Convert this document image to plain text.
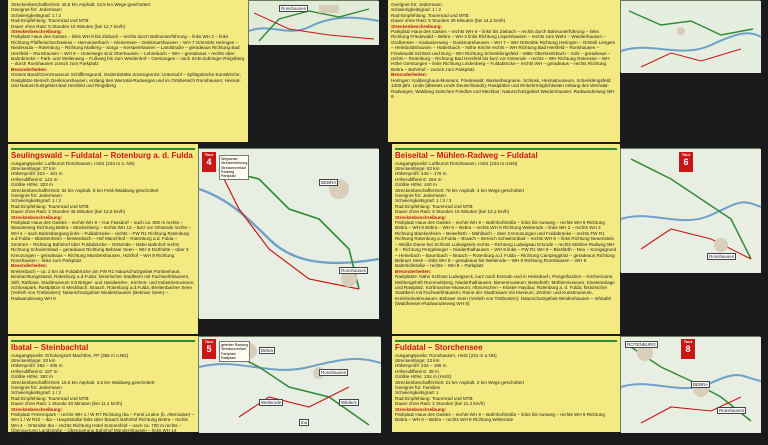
Streckenbeschaffenheit: 40,5 km Asphalt, 13,5 km Wege geschottert

Geeignet für: Jedermann

Schwierigkeitsgrad: 1 / 2

Rad-Empfehlung: Tourenrad und MTB

Dauer ohne Rast: 5 Stunden 15 Minuten (bei 12,7 km/h)

Streckenbeschreibung:

Parkplatz Haus des Gastes – links WH 9 bis Ziebach – rechts durch Bahnunterführung – links WH 2 – links Richtung Pfaffenschachtwiese – Hernanserbach – Kleinensee – Dankmarshausen – WH 7 Ortsmitte Heringen – Niederaula – Rotenburg – Richtung Malberg – Sorga – Kerspenhausen – Landstraße – geradeaus Richtung Bad Hersfeld – Ronshausen – WH 9 – Unterwegs sind Oberhausen – Lehnebach – WH – geradeaus – rechts über Bahnbrücke – Park- und Weilenweg – Fußweg bis zum Weidenhof – Gerstungen – nach SAB-Zubringer Ringsberg – durch Ronshausen zurück zum Parkplatz

Besonderheiten:

Grünes Band/Grenzmuseum Schifflersgrund, Gedenkstätte Zonengrenze; Untersuhl – Splittgotische Kunstkirche; Rastplätze Bereich Denkmarshausen, entlang des Werratal-Radweges und im Ortsbereich Ronshausen; Heimat- und Naturschutzgebiet Bad Hersfeld und Ringsberg

Ronshausen

Geeignet für: Jedermann

Schwierigkeitsgrad: 1 / 2

Rad-Empfehlung: Tourenrad und MTB

Dauer ohne Rast: 5 Stunden 30 Minuten (bei 14,2 km/h)

Streckenbeschreibung:

Parkplatz Haus des Gastes – rechts WH 9 – links bis Ziebach – rechts durch Bahnunterführung – links Richtung Friedewald – Bebra – WH 3 links Richtung Lispenhausen – rechts zum Wehr – Weidenhausen – Großensee – Kastanienweg – Dankmarshausen – WH 7 – WH Ortsmitte Richtung Heringen – Ortsteil Lengers – Heimboldshausen – Hattenbach – Nöhe Kirche rechts – WH Richtung Bad Hersfeld – Ronshausen – Friedewald Schloss und Burg – WH Richtung Schenklengsfeld – Mitte Oberbreitzbach – Solz – geradeaus – rechts – Rotenburg – Richtung Bad Hersfeld bis kurz vor Ortsende – rechts – WH Richtung Rotensee – WH Höhe Gerstungen – links Richtung Lindenberg – Fuldabrücke – rechts WH – geradeaus – rechts Richtung Bebra – Bahnhof – zurück zum Parkplatz

Besonderheiten:

Heringen: Kaliberghaus-Museum; Friedewald: Wasserburgruine, Schloss, Heimatmuseum, Schenklengsfeld: 1300-jähr. Linde (ältestes Linde Deutschlands); Rastplätze und Einkehrmöglichkeiten entlang des Werratal-Radweges, Waldweg zwischen Friedlos und Meckbar; Naturschutzgebiet Weidenhausen: Radwanderweg WH 9

Seulingswald – Fuldatal – Rotenburg a. d. Fulda

Ausgangspunkt: Luftkurort Ronshausen, HotS (234 m ü. NN)

Streckenlänge: 37 km

Höhenprofil: 323 – 181 m

Höhendifferenz: 142 m

Größte Höhe: 323 m

Streckenbeschaffenheit: 32 km Asphalt, 5 km Feld-/Waldweg geschottert

Geeignet für: Jedermann

Schwierigkeitsgrad: 1 / 2

Rad-Empfehlung: Tourenrad und MTB

Dauer ohne Rast: 2 Stunden 45 Minuten (bei 13,5 km/h)

Streckenbeschreibung:

Parkplatz Haus des Gastes – rechts WH 9 – Gut Fassdorf – nach ca. 600 m rechts – Wanderweg Richtung Bebra – Mückenberg – rechts WH 13 – kurz vor Ortsende rechts – WH 4 – nach Bahnübergang links – Fuldabrücke – rechts – FW R1 Richtung Rotenburg a.d.Fulda – Blankenheim – Breitenbach – Hof Münchhof – Rotenburg a.d. Fulda – Zentrum – Richtung Bahnhof über Fuldabrücke – Ortsende – Nähe Bahnhof rechts Richtung Schwimmbad – geradeaus Richtung Bebraer Seen – WH 6 Dorfmitte – über 3 Kreuzungen – geradeaus – Richtung Mündershausen, Holzhof – WH 9 Richtung Ronshausen – links zum Parkplatz

Besonderheiten:

Breitenbach – ca. 2 km ab Fuldabrücke am FW R1 Naturschutzgebiet Fürstenhaus, Beobachtungsstand, Rotenburg a.d.Fulda: historischer Stadtkern mit Fachwerkhäusern, Stift, Rathaus, Stadtmuseum mit Bürger- und Handwerks-, Kirchen- und Industriemuseum, Schlosspark, Rastplätze in Meckbach, Braach, Rotenburg a.d.Fulda, Breitenbacher Seen (Verleih von Tretbooten); Naturschutzgebiet Weidenhausen (Bebraer Seen) – Radwanderweg WH 9

Tour
4	Wegweise
Streckenführung
Streckenverlauf
Radweg
Parkplatz
BEBRA
Ronshausen

Beiseital – Mühlen-Radweg – Fuldatal

Ausgangspunkt: Luftkurort Ronshausen, HotS (234 m ü.NN)

Streckenlänge: 82 km

Höhenprofil: 440 – 176 m

Höhendifferenz: 264 m

Größte Höhe: 440 m

Streckenbeschaffenheit: 78 km Asphalt, 4 km Wege geschottert

Geeignet für: Jedermann

Schwierigkeitsgrad: 1 / 2 / 3

Rad-Empfehlung: Tourenrad und MTB

Dauer ohne Rast: 6 Stunden 15 Minuten (bei 13,1 km/h)

Streckenbeschreibung:

Parkplatz Haus des Gastes – rechts WH 9 – Bahnhofstraße – links bis Ausweg – rechts WH 9 Richtung Bebra – WH 9 Bebra – WH 6 – Bebra – rechts WH 6 Richtung Weiterode – links WH 2 – rechts WH 2 Richtung Blankenheim – Beiseförth – Mühlbach – über 3 Kreuzungen und Fuldabrücke – rechts FW R1 Richtung Rotenburg a.d.Fulda – Braach – Bereich Schwimmbad – rechts WH 9 – links Richtung Neuenstein – Weiße Dame bei Schloss Ludwigseck rechts – Richtung Ludwigsau Ersrode – rechts Mühlen-Radweg WH 9 – Richtung Pengelanger – Niederthalhausen – WH 9 links – FW R1 WH 9 – Binsförth – Neu – Konigsgrund – Heinebach – Baumbach – Braach – Rotenburg a.d. Fulda – Richtung Campingplatz – geradeaus Richtung Bebraer Seen – links WH 6 – geradeaus bis Weiterode – WH 9 Richtung Ronshausen – WH 9 Bahnhofstraße – rechts – WH 9 – Parkplatz

Besonderheiten:

Rastplätze: Nähe Schloss Ludwigseck, kurz nach Ersrode und in Heinebach, Pengelhacken – Kirchenruine, Mühlengehöft Rommelsberg, Niederthalhausen: Bienenmuseum; Beiseförth: Mühlenmuseum, Klosteranlage und Rastplatz, Korbmacher-Museum; Altmorschen – Kloster Haydau; Rotenburg a. d. Fulda; historischer Stadtkern mit Fachwerkhäusern; Ruine der Stadtmauer mit Museum; Zentral- und Kunstmuseum, Kreisheimatmuseum: Bebraer Seen (Verleih von Tretbooten); Naturschutzgebiet Weidenhausen – Infotafel (Waldhessen-Radwanderweg WH 9)

Tour
6
Ronshausen

Ibatal – Steinbachtal

Ausgangspunkt: Erholungsort Machtlos, FP (356 m ü.NN)

Streckenlänge: 20 km

Höhenprofil: 392 – 205 m

Höhendifferenz: 187 m

Größte Höhe: 392 m

Streckenbeschaffenheit: 16,5 km Asphalt, 3,5 km Waldweg geschottert

Geeignet für: Jedermann

Schwierigkeitsgrad: 1 / 2

Rad-Empfehlung: Tourenrad und MTB

Dauer ohne Rast: 1 Stunde 40 Minuten (bei 11,4 km/h)

Streckenbeschreibung:

Parkplatz Feriennpark – rechts WH 1 / W R7 Richtung Iba – Fürst Linden (b. Alternative) – WH 1 / W R22 – Iba – Hauptstraße links über Braach Bahnhof Richtung Bebra – rechts WH 4 – Ortsmitte Iba – rechts Richtung Hotel Sonnenfeld – nach ca. 700 m rechts – Überquerung Landstraße – Überquerung Bahnhof Mündershausen – links WH 14 Richtung Ronshausen bis Bahnhofstraße – links WH 1 – Ronshausen – See – WH 7 R16 und W R7 – Machtlos – Parkplatz

Tour
5	geteilter Radweg
Streckenverlauf
Parkplatz
Rastplatz
Bebra
Ronshausen
Weiterode	Wildeck
Iba

Fuldatal – Storchensee

Ausgangspunkt: Ronshausen, HotS (234 m ü.NN)

Streckenlänge: 23 km

Höhenprofil: 234 – 186 m

Höhendifferenz: 48 m

Größte Höhe: 234 m (HotS)

Streckenbeschaffenheit: 21 km Asphalt, 2 km Wege geschottert

Geeignet für: Familien

Schwierigkeitsgrad: 1

Rad-Empfehlung: Tourenrad und MTB

Dauer ohne Rast: 2 Stunden (bei 11,4 km/h)

Streckenbeschreibung:

Parkplatz Haus des Gastes – rechts WH 9 – Bahnhofstraße – links bis Ausweg – rechts WH 9 Richtung Bebra – WH 6 – Bebra – rechts WH 9 Richtung Weiterode

Tour
8
ROTENBURG
BEBRA
Ronshausen
